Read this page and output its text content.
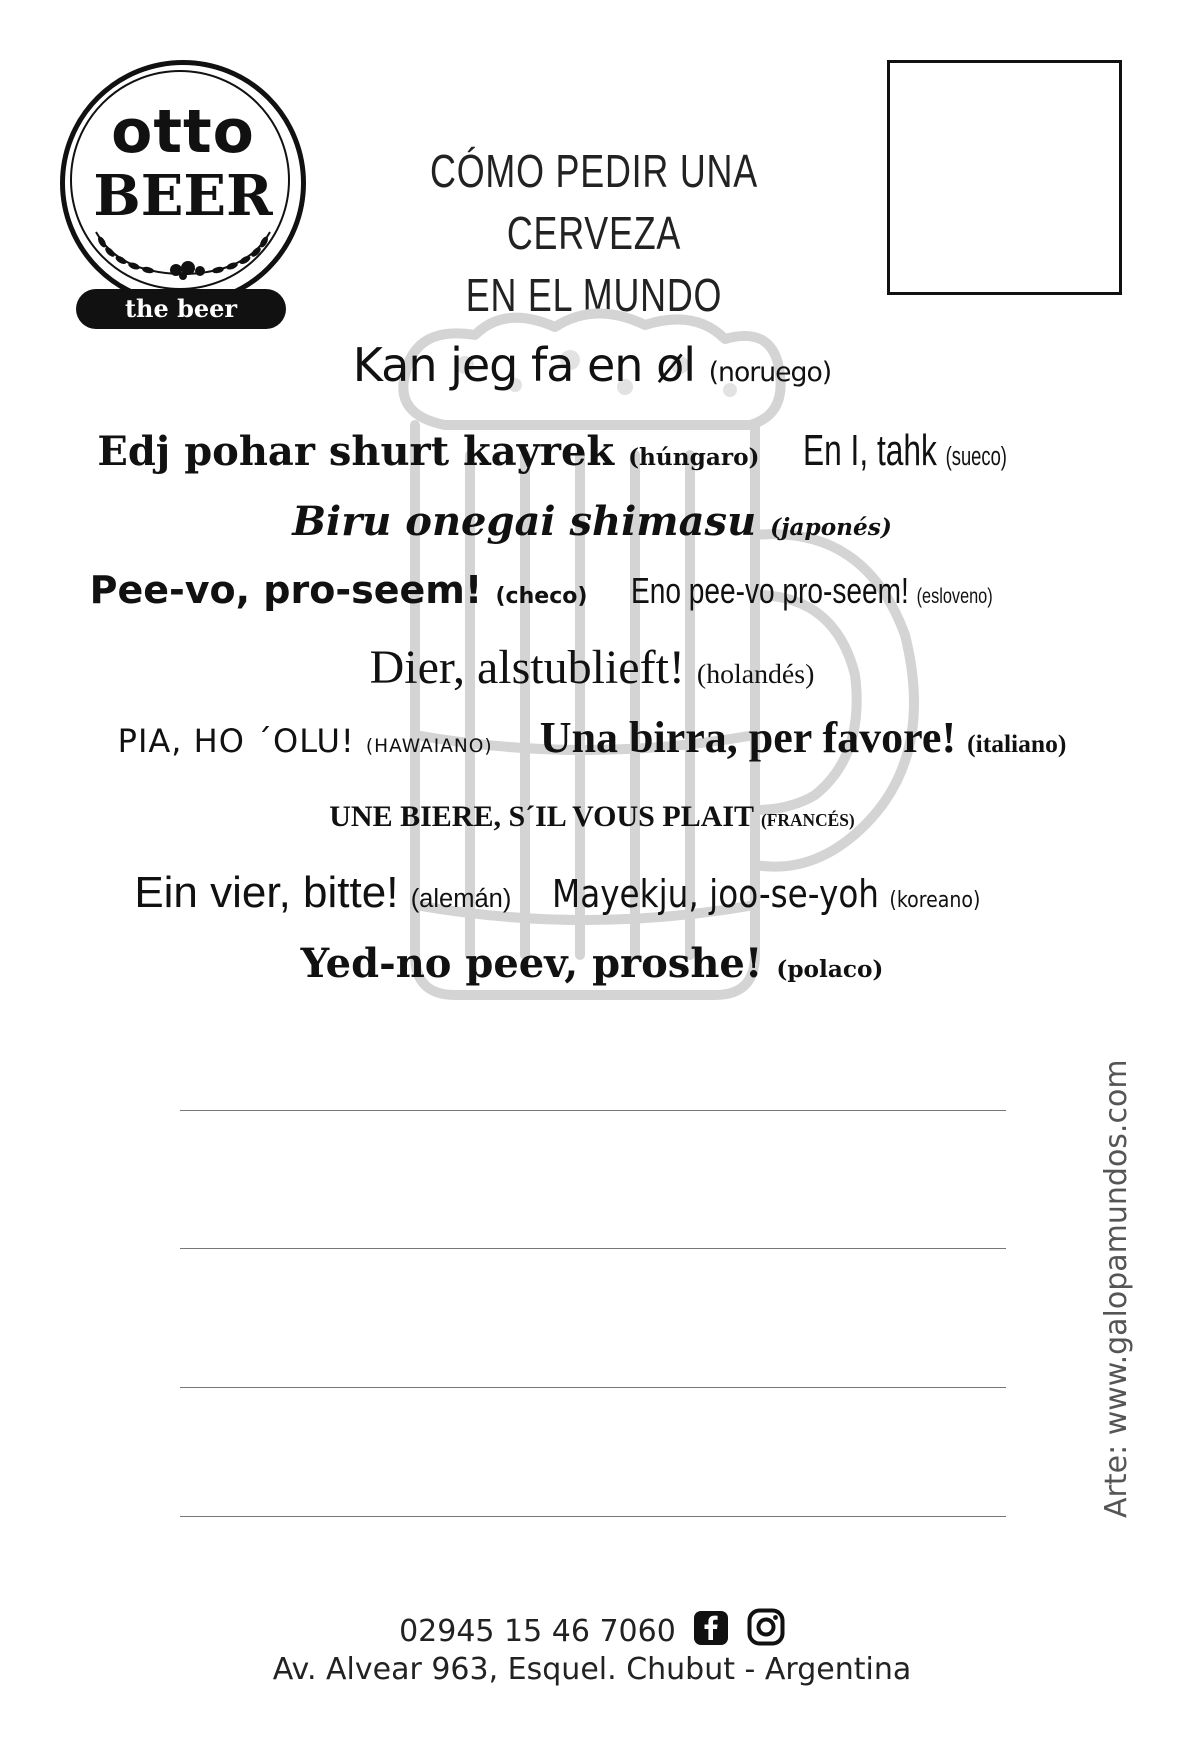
otto
BEER
the beer temple
CÓMO PEDIR UNA CERVEZA
EN EL MUNDO
Kan jeg fa en øl (noruego)
Edj pohar shurt kayrek (húngaro) En I, tahk (sueco)
Biru onegai shimasu (japonés)
Pee-vo, pro-seem! (checo) Eno pee-vo pro-seem! (esloveno)
Dier, alstublieft! (holandés)
PIA, HO ´OLU! (HAWAIANO) Una birra, per favore! (italiano)
UNE BIERE, S´IL VOUS PLAIT (FRANCÉS)
Ein vier, bitte! (alemán) Mayekju, joo-se-yoh (koreano)
Yed-no peev, proshe! (polaco)
Arte: www.galopamundos.com
02945 15 46 7060
Av. Alvear 963, Esquel. Chubut - Argentina
